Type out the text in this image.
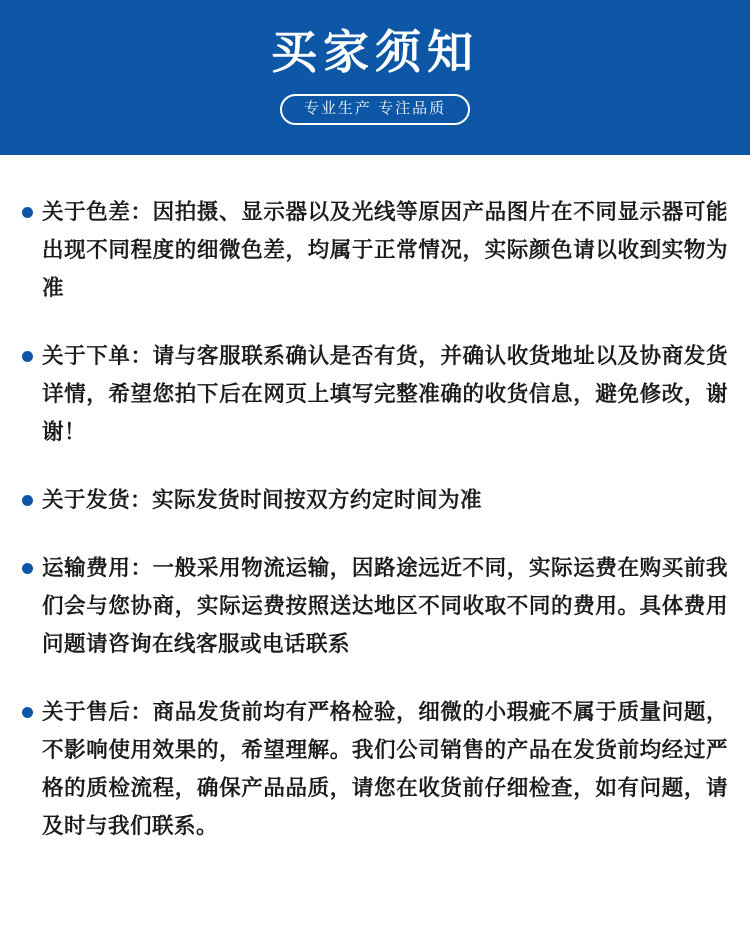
买家须知
专业生产 专注品质

关于色差：因拍摄、显示器以及光线等原因产品图片在不同显示器可能出现不同程度的细微色差，均属于正常情况，实际颜色请以收到实物为准

关于下单：请与客服联系确认是否有货，并确认收货地址以及协商发货详情，希望您拍下后在网页上填写完整准确的收货信息，避免修改，谢谢！

关于发货：实际发货时间按双方约定时间为准

运输费用：一般采用物流运输，因路途远近不同，实际运费在购买前我们会与您协商，实际运费按照送达地区不同收取不同的费用。具体费用问题请咨询在线客服或电话联系

关于售后：商品发货前均有严格检验，细微的小瑕疵不属于质量问题，不影响使用效果的，希望理解。我们公司销售的产品在发货前均经过严格的质检流程，确保产品品质，请您在收货前仔细检查，如有问题，请及时与我们联系。
